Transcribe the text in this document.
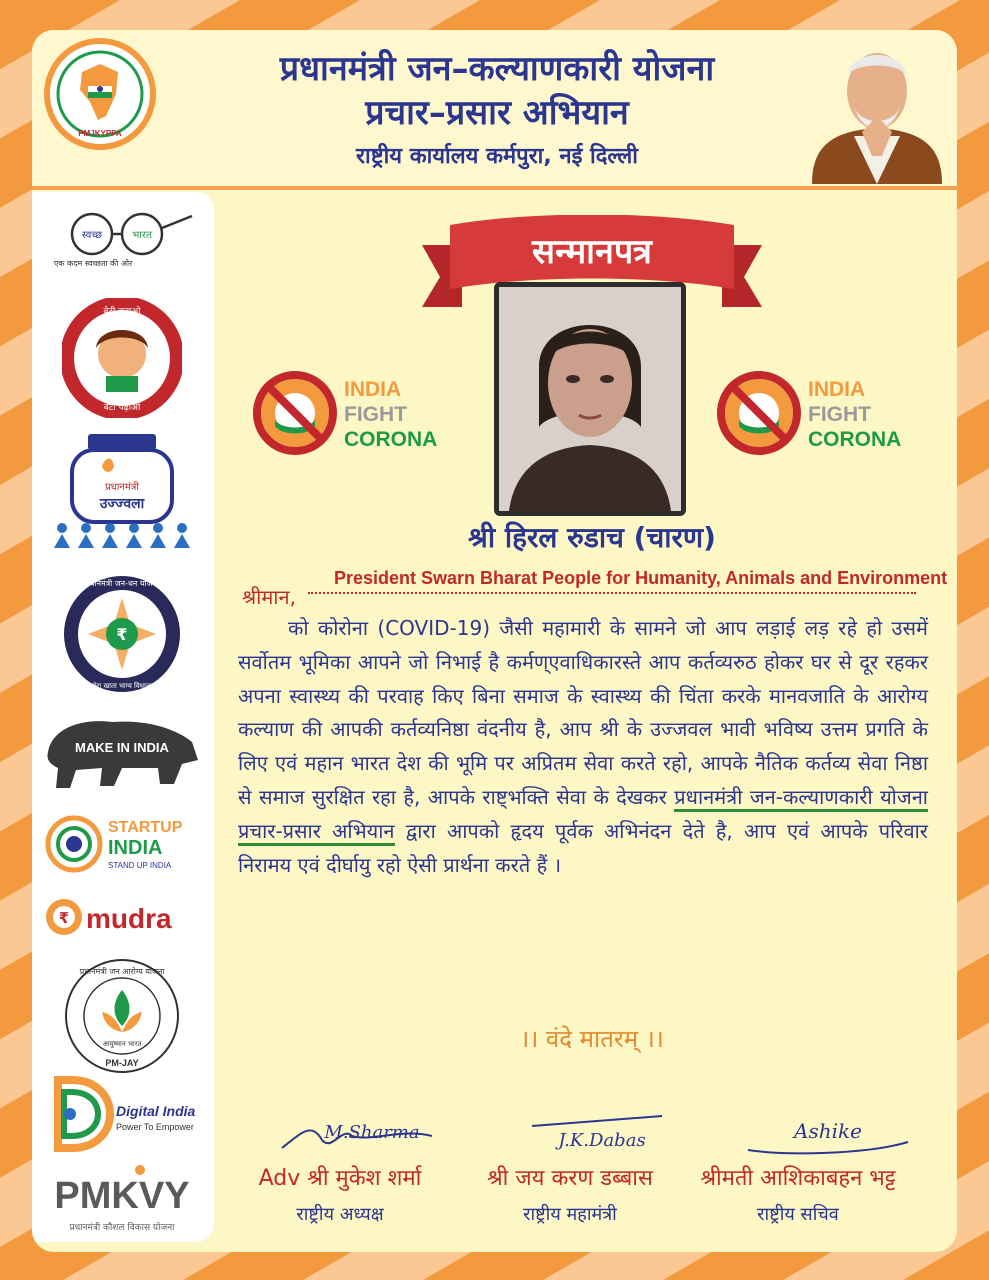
PMJKYPPA
प्रधानमंत्री जन–कल्याणकारी योजना
प्रचार–प्रसार अभियान
राष्ट्रीय कार्यालय कर्मपुरा, नई दिल्ली
स्वच्छ	भारत
एक कदम स्वच्छता की ओर
बेटी बचाओ
बेटी पढ़ाओ
प्रधानमंत्री
उज्ज्वला
₹
प्रधानमंत्री जन-धन योजना
मेरा खाता भाग्य विधाता
MAKE IN INDIA
STARTUP
INDIA
STAND UP INDIA
₹ mudra
प्रधानमंत्री जन आरोग्य योजना
आयुष्मान भारत
PM-JAY
Digital India
Power To Empower
PMKVY
प्रधानमंत्री कौशल विकास योजना
सन्मानपत्र
INDIA
FIGHT
CORONA
INDIA
FIGHT
CORONA
श्री हिरल रुडाच (चारण)
श्रीमान,
President Swarn Bharat People for Humanity, Animals and Environment
को कोरोना (COVID-19) जैसी महामारी के सामने जो आप लड़ाई लड़ रहे हो उसमें सर्वोतम भूमिका आपने जो निभाई है कर्मण्एवाधिकारस्ते आप कर्तव्यरुठ होकर घर से दूर रहकर अपना स्वास्थ्य की परवाह किए बिना समाज के स्वास्थ्य की चिंता करके मानवजाति के आरोग्य कल्याण की आपकी कर्तव्यनिष्ठा वंदनीय है, आप श्री के उज्जवल भावी भविष्य उत्तम प्रगति के लिए एवं महान भारत देश की भूमि पर अप्रितम सेवा करते रहो, आपके नैतिक कर्तव्य सेवा निष्ठा से समाज सुरक्षित रहा है, आपके राष्ट्भक्ति सेवा के देखकर प्रधानमंत्री जन-कल्याणकारी योजना प्रचार-प्रसार अभियान द्वारा आपको हृदय पूर्वक अभिनंदन देते है, आप एवं आपके परिवार निरामय एवं दीर्घायु रहो ऐसी प्रार्थना करते हैं ।
।। वंदे मातरम् ।।
M.Sharma	J.K.Dabas	Ashike
Adv श्री मुकेश शर्मा	श्री जय करण डब्बास	श्रीमती आशिकाबहन भट्ट
राष्ट्रीय अध्यक्ष	राष्ट्रीय महामंत्री	राष्ट्रीय सचिव
